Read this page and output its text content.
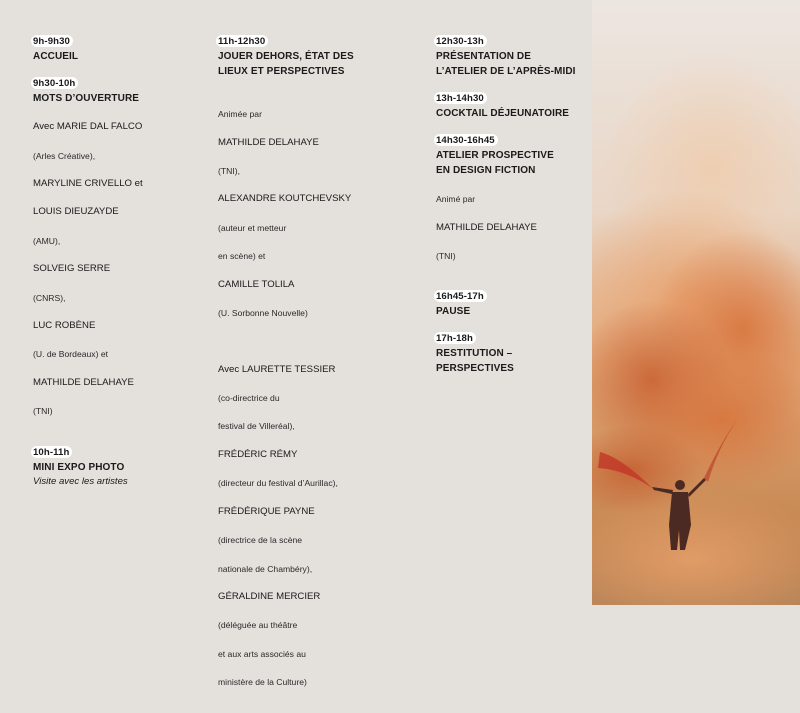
9h-9h30
ACCUEIL
9h30-10h
MOTS D’OUVERTURE

Avec MARIE DAL FALCO

(Arles Créative),

MARYLINE CRIVELLO et

LOUIS DIEUZAYDE

(AMU),

SOLVEIG SERRE

(CNRS),

LUC ROBÈNE

(U. de Bordeaux) et

MATHILDE DELAHAYE

(TNI)

10h-11h
MINI EXPO PHOTO
Visite avec les artistes
11h-12h30
JOUER DEHORS, ÉTAT DES
LIEUX ET PERSPECTIVES

Animée par

MATHILDE DELAHAYE

(TNI),

ALEXANDRE KOUTCHEVSKY

(auteur et metteur

en scène) et

CAMILLE TOLILA

(U. Sorbonne Nouvelle)

Avec LAURETTE TESSIER

(co-directrice du

festival de Villeréal),

FRÉDÉRIC RÉMY

(directeur du festival d’Aurillac),

FRÉDÉRIQUE PAYNE

(directrice de la scène

nationale de Chambéry),

GÉRALDINE MERCIER

(déléguée au théâtre

et aux arts associés au

ministère de la Culture)

12h30-13h
PRÉSENTATION DE
L’ATELIER DE L’APRÈS-MIDI
13h-14h30
COCKTAIL DÉJEUNATOIRE
14h30-16h45
ATELIER PROSPECTIVE
EN DESIGN FICTION

Animé par

MATHILDE DELAHAYE

(TNI)

16h45-17h
PAUSE
17h-18h
RESTITUTION –
PERSPECTIVES
